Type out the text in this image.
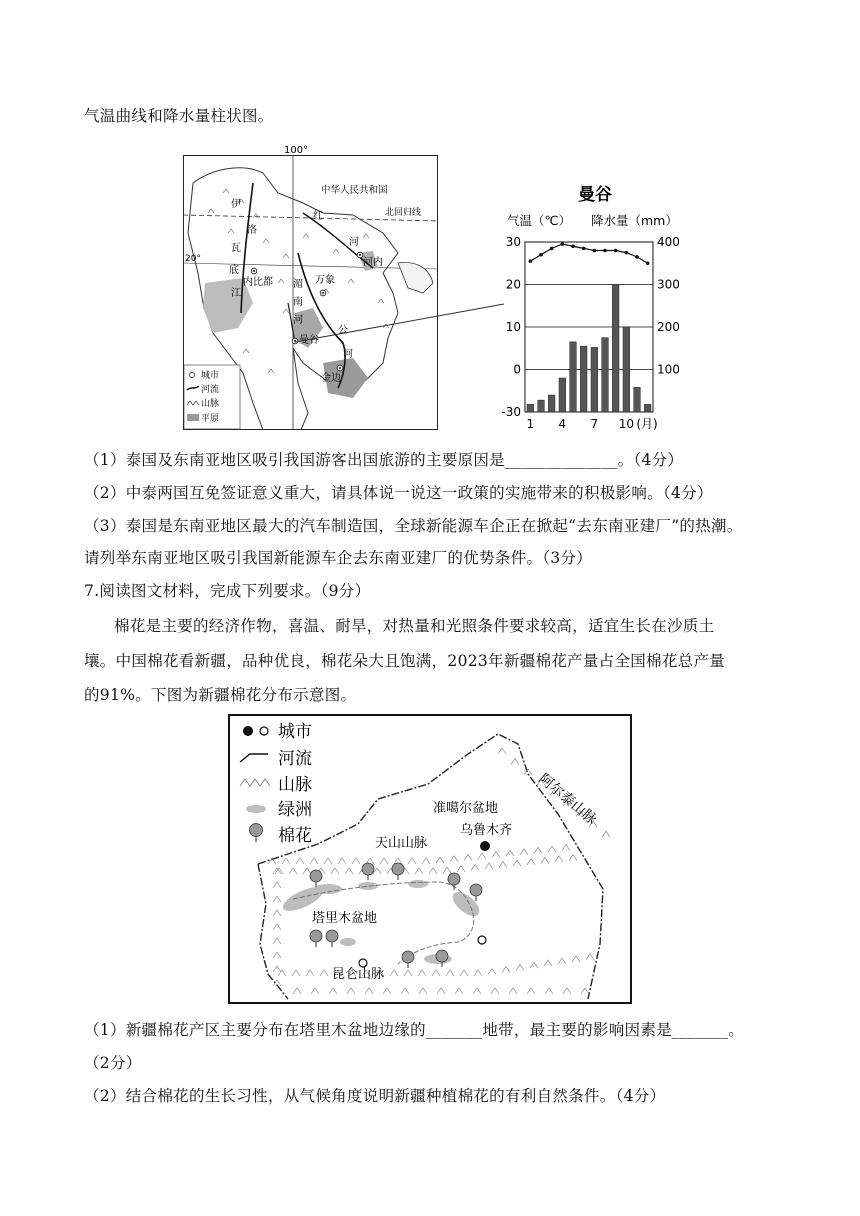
气温曲线和降水量柱状图。
100°
北回归线
20°
中华人民共和国
伊
洛
瓦
底
江
红
河
湄
南
河
公
河
内比都	万象
河内
曼谷
金边
城市
河流
山脉
平原
曼谷
气温（℃） 降水量（mm）
30
20
10
0
-30
400
300
200
100
1 4 7 10 (月)
（1）泰国及东南亚地区吸引我国游客出国旅游的主要原因是______________。（4分）
（2）中泰两国互免签证意义重大，请具体说一说这一政策的实施带来的积极影响。（4分）
（3）泰国是东南亚地区最大的汽车制造国，全球新能源车企正在掀起“去东南亚建厂”的热潮。
请列举东南亚地区吸引我国新能源车企去东南亚建厂的优势条件。（3分）
7.阅读图文材料，完成下列要求。（9分）
棉花是主要的经济作物，喜温、耐旱，对热量和光照条件要求较高，适宜生长在沙质土
壤。中国棉花看新疆，品种优良，棉花朵大且饱满，2023年新疆棉花产量占全国棉花总产量
的91%。下图为新疆棉花分布示意图。
阿尔泰山脉
准噶尔盆地
乌鲁木齐
天山山脉
塔里木盆地
昆仑山脉
城市
河流
山脉
绿洲
棉花
（1）新疆棉花产区主要分布在塔里木盆地边缘的_______地带，最主要的影响因素是_______。
（2分）
（2）结合棉花的生长习性，从气候角度说明新疆种植棉花的有利自然条件。（4分）
